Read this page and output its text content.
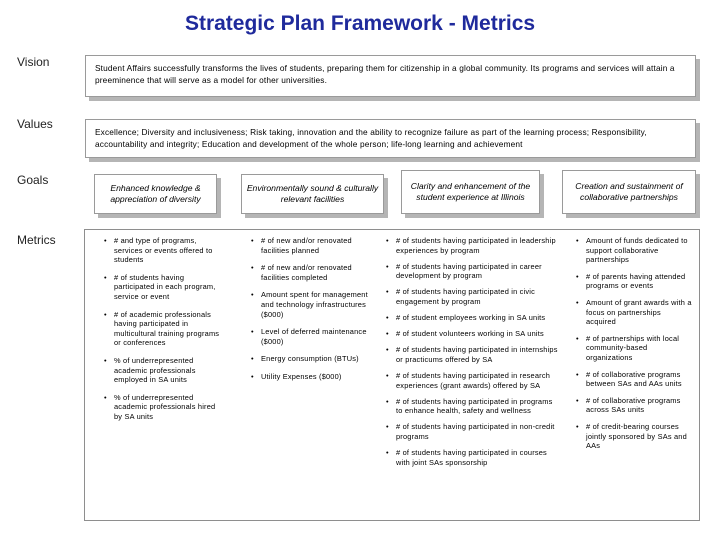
Strategic Plan Framework - Metrics
Vision
Values
Goals
Metrics
Student Affairs successfully transforms the lives of students, preparing them for citizenship in a global community. Its programs and services will attain a preeminence that will serve as a model for other universities.
Excellence; Diversity and inclusiveness; Risk taking, innovation and the ability to recognize failure as part of the learning process; Responsibility, accountability and integrity; Education and development of the whole person; life-long learning and achievement
Enhanced knowledge & appreciation of diversity
Environmentally sound & culturally relevant facilities
Clarity and enhancement of the student experience at Illinois
Creation and sustainment of collaborative partnerships
• # and type of programs, services or events offered to students
• # of students having participated in each program, service or event
• # of academic professionals having participated in multicultural training programs or conferences
• % of underrepresented academic professionals employed in SA units
• % of underrepresented academic professionals hired by SA units
• # of new and/or renovated facilities planned
• # of new and/or renovated facilities completed
• Amount spent for management and technology infrastructures ($000)
• Level of deferred maintenance ($000)
• Energy consumption (BTUs)
• Utility Expenses ($000)
• # of students having participated in leadership experiences by program
• # of students having participated in career development by program
• # of students having participated in civic engagement by program
• # of student employees working in SA units
• # of student volunteers working in SA units
• # of students having participated in internships or practicums offered by SA
• # of students having participated in research experiences (grant awards) offered by SA
• # of students having participated in programs to enhance health, safety and wellness
• # of students having participated in non-credit programs
• # of students having participated in courses with joint SAs sponsorship
• Amount of funds dedicated to support collaborative partnerships
• # of parents having attended programs or events
• Amount of grant awards with a focus on partnerships acquired
• # of partnerships with local community-based organizations
• # of collaborative programs between SAs and AAs units
• # of collaborative programs across SAs units
• # of credit-bearing courses jointly sponsored by SAs and AAs
